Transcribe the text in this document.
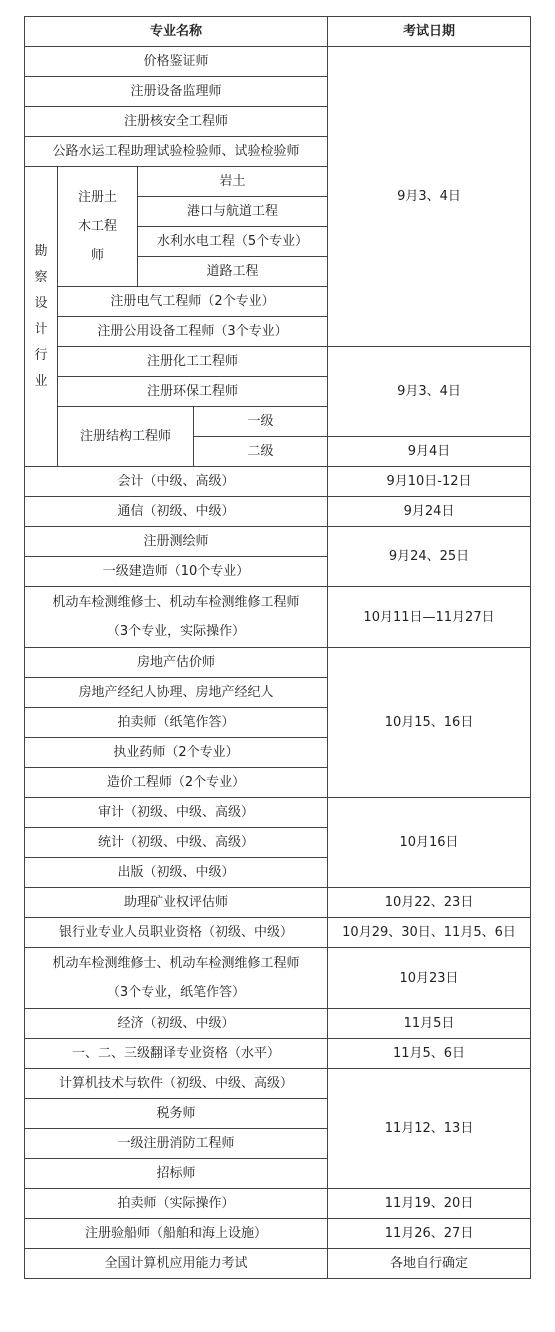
专业名称				考试日期
价格鉴证师				9月3、4日
注册设备监理师				
注册核安全工程师				
公路水运工程助理试验检验师、试验检验师				

勘察设计行业	注册土木工程师	岩土		
		港口与航道工程		
		水利水电工程（5个专业）		
		道路工程		
	注册电气工程师（2个专业）			
	注册公用设备工程师（3个专业）			
	注册化工工程师			9月3、4日
	注册环保工程师			
	注册结构工程师		一级	
			二级	9月4日
会计（中级、高级）				9月10日-12日
通信（初级、中级）				9月24日
注册测绘师				9月24、25日
一级建造师（10个专业）				

机动车检测维修士、机动车检测维修工程师
（3个专业，实际操作）				10月11日—11月27日
房地产估价师				10月15、16日
房地产经纪人协理、房地产经纪人				
拍卖师（纸笔作答）				
执业药师（2个专业）				
造价工程师（2个专业）				
审计（初级、中级、高级）				10月16日
统计（初级、中级、高级）				
出版（初级、中级）				
助理矿业权评估师				10月22、23日
银行业专业人员职业资格（初级、中级）				10月29、30日、11月5、6日

机动车检测维修士、机动车检测维修工程师
（3个专业，纸笔作答）				10月23日
经济（初级、中级）				11月5日
一、二、三级翻译专业资格（水平）				11月5、6日
计算机技术与软件（初级、中级、高级）				11月12、13日
税务师				
一级注册消防工程师				
招标师				
拍卖师（实际操作）				11月19、20日
注册验船师（船舶和海上设施）				11月26、27日
全国计算机应用能力考试				各地自行确定
